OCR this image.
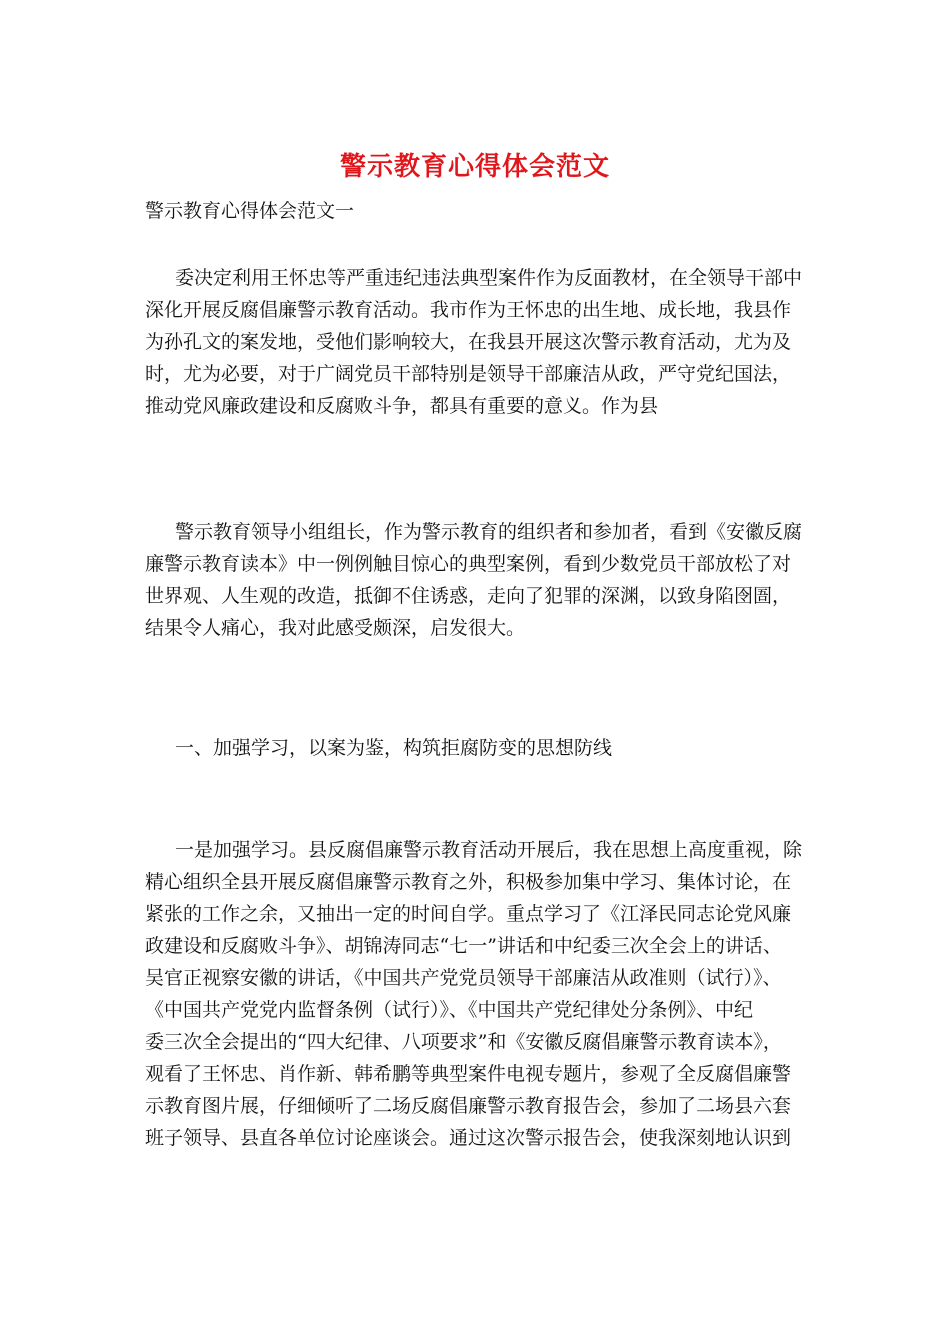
警示教育心得体会范文
警示教育心得体会范文一
委决定利用王怀忠等严重违纪违法典型案件作为反面教材，在全领导干部中
深化开展反腐倡廉警示教育活动。我市作为王怀忠的出生地、成长地，我县作
为孙孔文的案发地，受他们影响较大，在我县开展这次警示教育活动，尤为及
时，尤为必要，对于广阔党员干部特别是领导干部廉洁从政，严守党纪国法，
推动党风廉政建设和反腐败斗争，都具有重要的意义。作为县
警示教育领导小组组长，作为警示教育的组织者和参加者，看到《安徽反腐
廉警示教育读本》中一例例触目惊心的典型案例，看到少数党员干部放松了对
世界观、人生观的改造，抵御不住诱惑，走向了犯罪的深渊，以致身陷囹圄，
结果令人痛心，我对此感受颇深，启发很大。
一、加强学习，以案为鉴，构筑拒腐防变的思想防线
一是加强学习。县反腐倡廉警示教育活动开展后，我在思想上高度重视，除
精心组织全县开展反腐倡廉警示教育之外，积极参加集中学习、集体讨论，在
紧张的工作之余，又抽出一定的时间自学。重点学习了《江泽民同志论党风廉
政建设和反腐败斗争》、胡锦涛同志“七一”讲话和中纪委三次全会上的讲话、
吴官正视察安徽的讲话，《中国共产党党员领导干部廉洁从政准则（试行）》、
《中国共产党党内监督条例（试行）》、《中国共产党纪律处分条例》、中纪
委三次全会提出的“四大纪律、八项要求”和《安徽反腐倡廉警示教育读本》，
观看了王怀忠、肖作新、韩希鹏等典型案件电视专题片，参观了全反腐倡廉警
示教育图片展，仔细倾听了二场反腐倡廉警示教育报告会，参加了二场县六套
班子领导、县直各单位讨论座谈会。通过这次警示报告会，使我深刻地认识到
